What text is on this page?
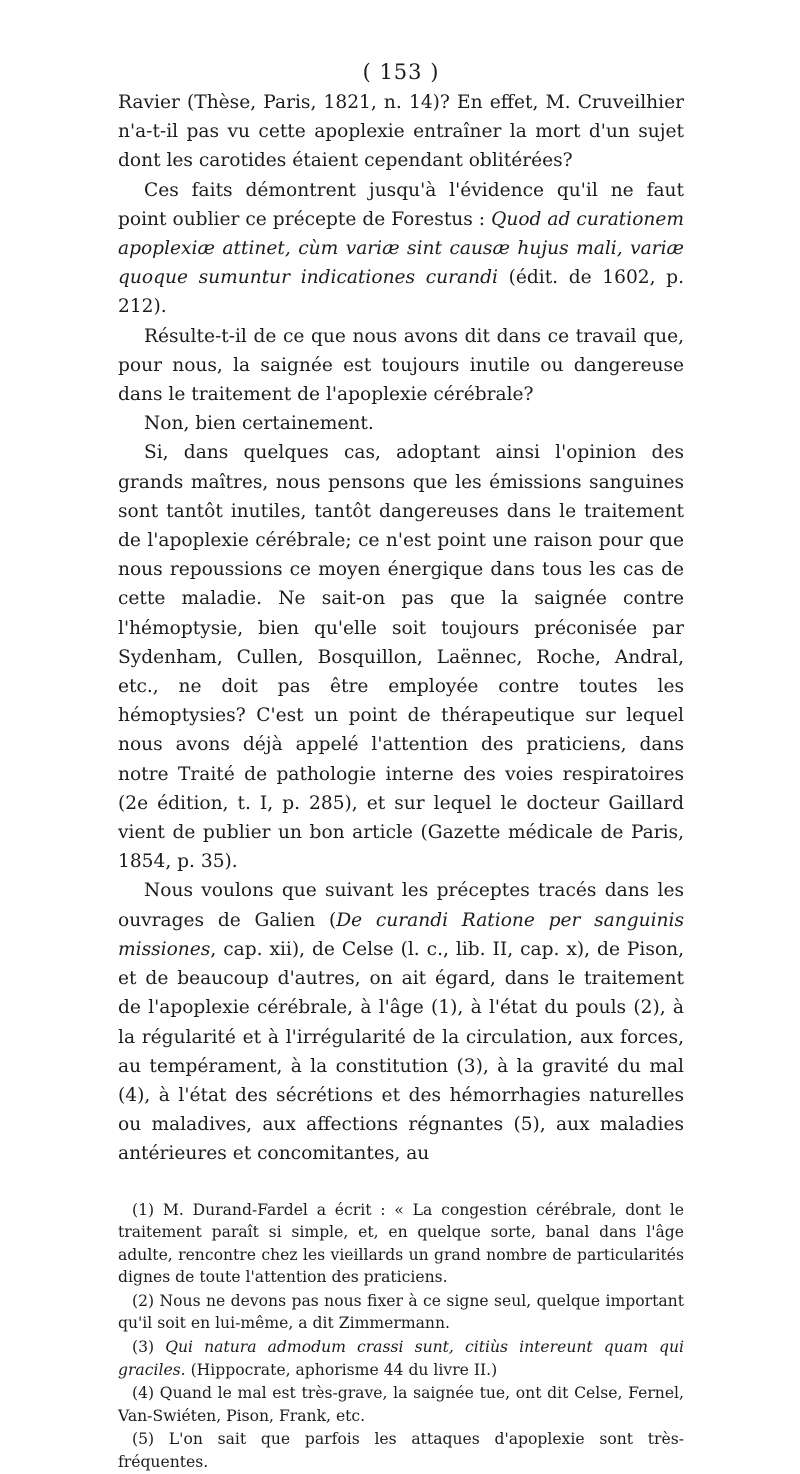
( 153 )

Ravier (Thèse, Paris, 1821, n. 14)? En effet, M. Cruveilhier n'a-t-il pas vu cette apoplexie entraîner la mort d'un sujet dont les carotides étaient cependant oblitérées?

Ces faits démontrent jusqu'à l'évidence qu'il ne faut point oublier ce précepte de Forestus : Quod ad curationem apoplexiæ attinet, cùm variæ sint causæ hujus mali, variæ quoque sumuntur indicationes curandi (édit. de 1602, p. 212).

Résulte-t-il de ce que nous avons dit dans ce travail que, pour nous, la saignée est toujours inutile ou dangereuse dans le traitement de l'apoplexie cérébrale?

Non, bien certainement.

Si, dans quelques cas, adoptant ainsi l'opinion des grands maîtres, nous pensons que les émissions sanguines sont tantôt inutiles, tantôt dangereuses dans le traitement de l'apoplexie cérébrale; ce n'est point une raison pour que nous repoussions ce moyen énergique dans tous les cas de cette maladie. Ne sait-on pas que la saignée contre l'hémoptysie, bien qu'elle soit toujours préconisée par Sydenham, Cullen, Bosquillon, Laënnec, Roche, Andral, etc., ne doit pas être employée contre toutes les hémoptysies? C'est un point de thérapeutique sur lequel nous avons déjà appelé l'attention des praticiens, dans notre Traité de pathologie interne des voies respiratoires (2e édition, t. I, p. 285), et sur lequel le docteur Gaillard vient de publier un bon article (Gazette médicale de Paris, 1854, p. 35).

Nous voulons que suivant les préceptes tracés dans les ouvrages de Galien (De curandi Ratione per sanguinis missiones, cap. xii), de Celse (l. c., lib. II, cap. x), de Pison, et de beaucoup d'autres, on ait égard, dans le traitement de l'apoplexie cérébrale, à l'âge (1), à l'état du pouls (2), à la régularité et à l'irrégularité de la circulation, aux forces, au tempérament, à la constitution (3), à la gravité du mal (4), à l'état des sécrétions et des hémorrhagies naturelles ou maladives, aux affections régnantes (5), aux maladies antérieures et concomitantes, au

(1) M. Durand-Fardel a écrit : « La congestion cérébrale, dont le traitement paraît si simple, et, en quelque sorte, banal dans l'âge adulte, rencontre chez les vieillards un grand nombre de particularités dignes de toute l'attention des praticiens.

(2) Nous ne devons pas nous fixer à ce signe seul, quelque important qu'il soit en lui-même, a dit Zimmermann.

(3) Qui natura admodum crassi sunt, citiùs intereunt quam qui graciles. (Hippocrate, aphorisme 44 du livre II.)

(4) Quand le mal est très-grave, la saignée tue, ont dit Celse, Fernel, Van-Swiéten, Pison, Frank, etc.

(5) L'on sait que parfois les attaques d'apoplexie sont très-fréquentes.
